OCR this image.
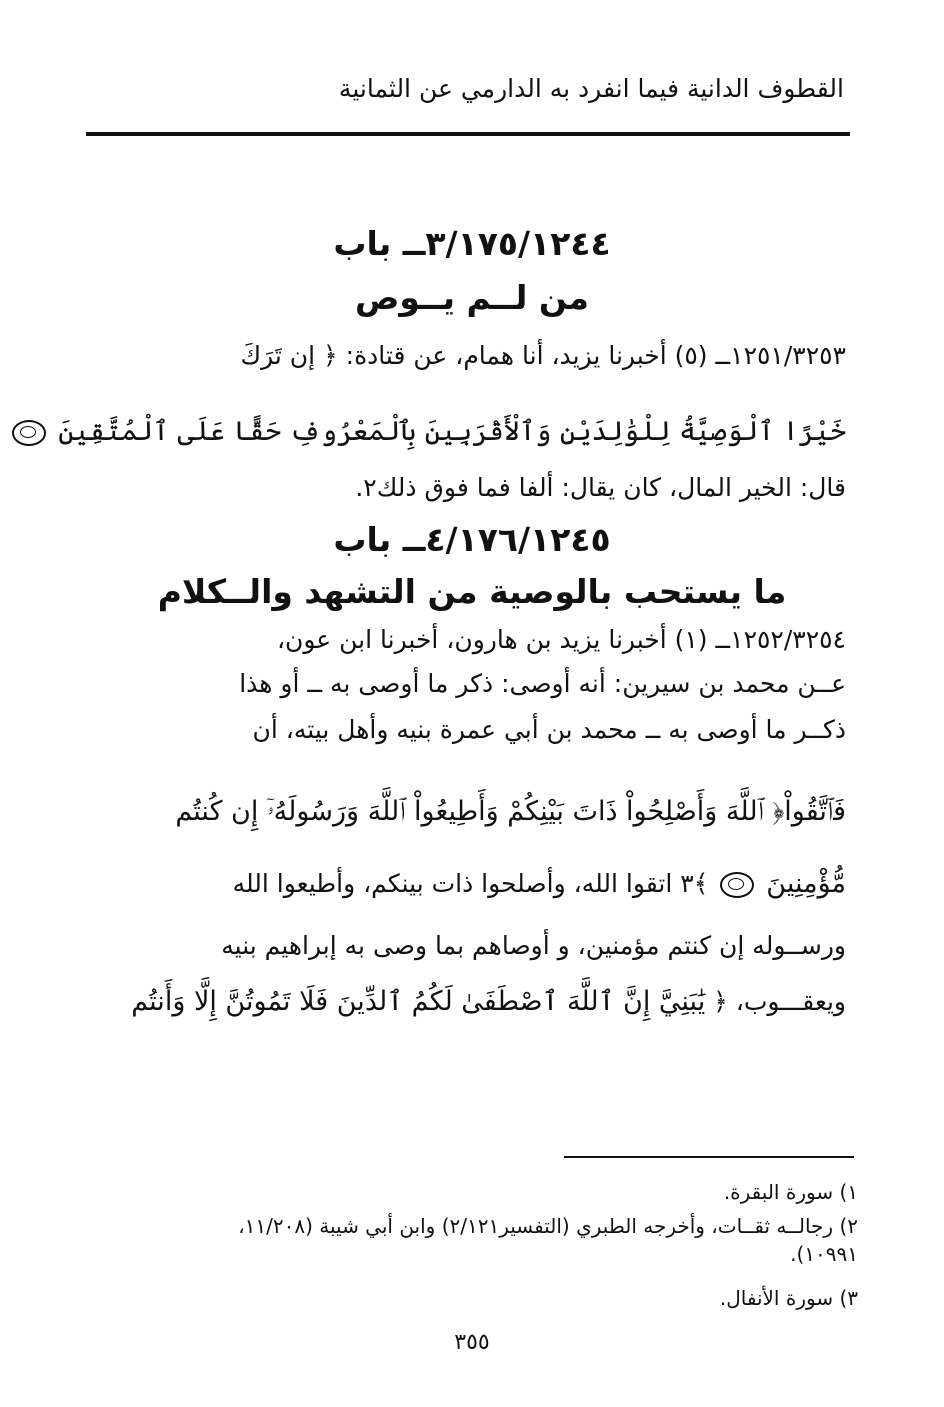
القطوف الدانية فيما انفرد به الدارمي عن الثمانية
٣/١٧٥/١٢٤٤ــ باب
من لــم يــوص
١٢٥١/٣٢٥٣ــ (٥) أخبرنا يزيد، أنا همام، عن قتادة: ﴿ إن تَرَكَ
خَيْرًا ٱلْوَصِيَّةُ لِلْوَٰلِدَيْنِ وَٱلْأَقْرَبِينَ بِٱلْمَعْرُوفِ حَقًّا عَلَى ٱلْمُتَّقِينَ
قال: الخير المال، كان يقال: ألفا فما فوق ذلك٢.
٤/١٧٦/١٢٤٥ــ باب
ما يستحب بالوصية من التشهد والــكلام
١٢٥٢/٣٢٥٤ــ (١) أخبرنا يزيد بن هارون، أخبرنا ابن عون،
عــن محمد بن سيرين: أنه أوصى: ذكر ما أوصى به ــ أو هذا
ذكــر ما أوصى به ــ محمد بن أبي عمرة بنيه وأهل بيته، أن
فَٱتَّقُواْ﴿ ٱللَّهَ وَأَصْلِحُواْ ذَاتَ بَيْنِكُمْ وَأَطِيعُواْ ٱللَّهَ وَرَسُولَهُۥٓ إِن كُنتُم
مُّؤْمِنِينَ  ﴾٣ اتقوا الله، وأصلحوا ذات بينكم، وأطيعوا الله
ورســوله إن كنتم مؤمنين، و أوصاهم بما وصى به إبراهيم بنيه
ويعقـــوب، ﴿ يَٰبَنِيَّ إِنَّ ٱللَّهَ ٱصْطَفَىٰ لَكُمُ ٱلدِّينَ فَلَا تَمُوتُنَّ إِلَّا وَأَنتُم
١) سورة البقرة.
٢) رجالــه ثقــات، وأخرجه الطبري (التفسير٢/١٢١) وابن أبي شيبة (١١/٢٠٨،
١٠٩٩١).
٣) سورة الأنفال.
٣٥٥
